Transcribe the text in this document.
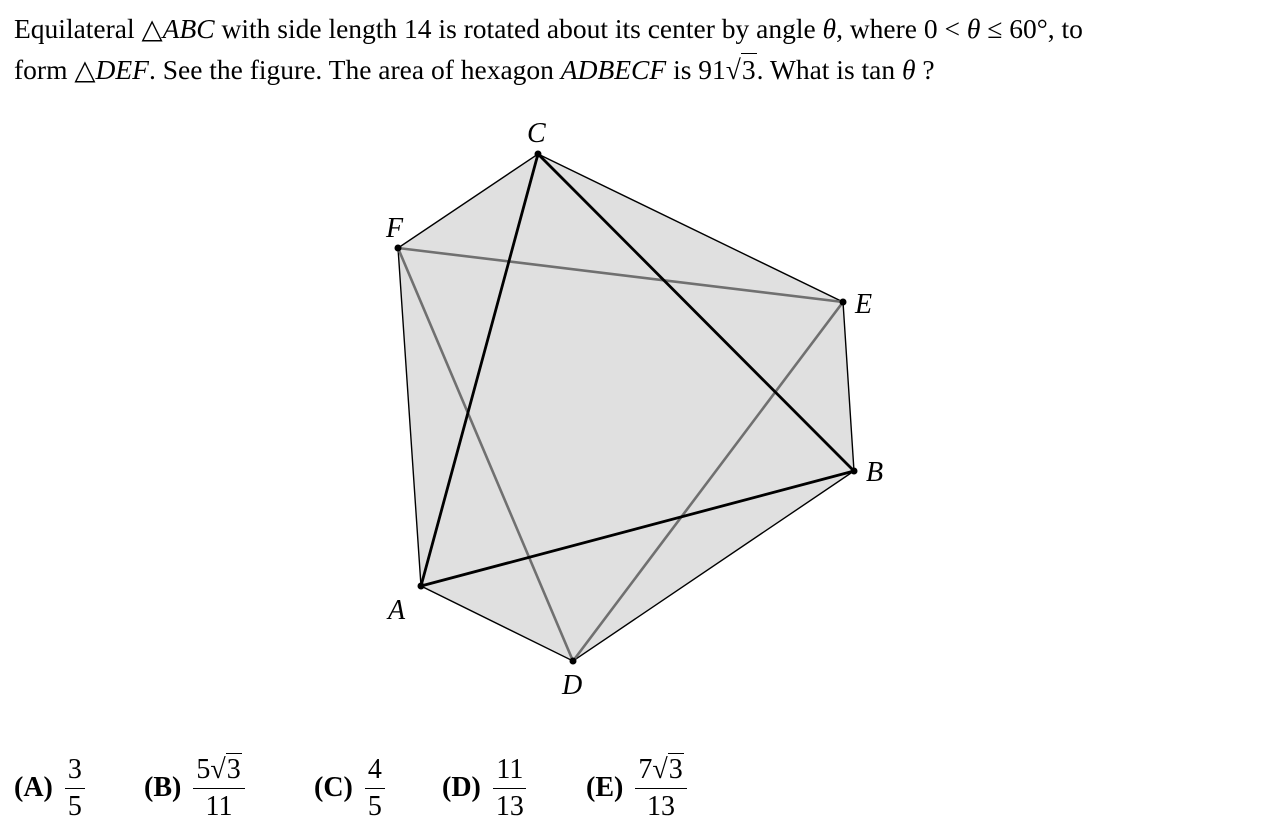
Equilateral △ABC with side length 14 is rotated about its center by angle θ, where 0 < θ ≤ 60°, to
form △DEF. See the figure. The area of hexagon ADBECF is 91√3. What is tan θ ?
A
B
C
D
E
F
$(A) \frac{3}{5} (B) \frac{5√3}{11} (C) \frac{4}{5} (D) \frac{11}{13} (E) \frac{7√3}{13}$
